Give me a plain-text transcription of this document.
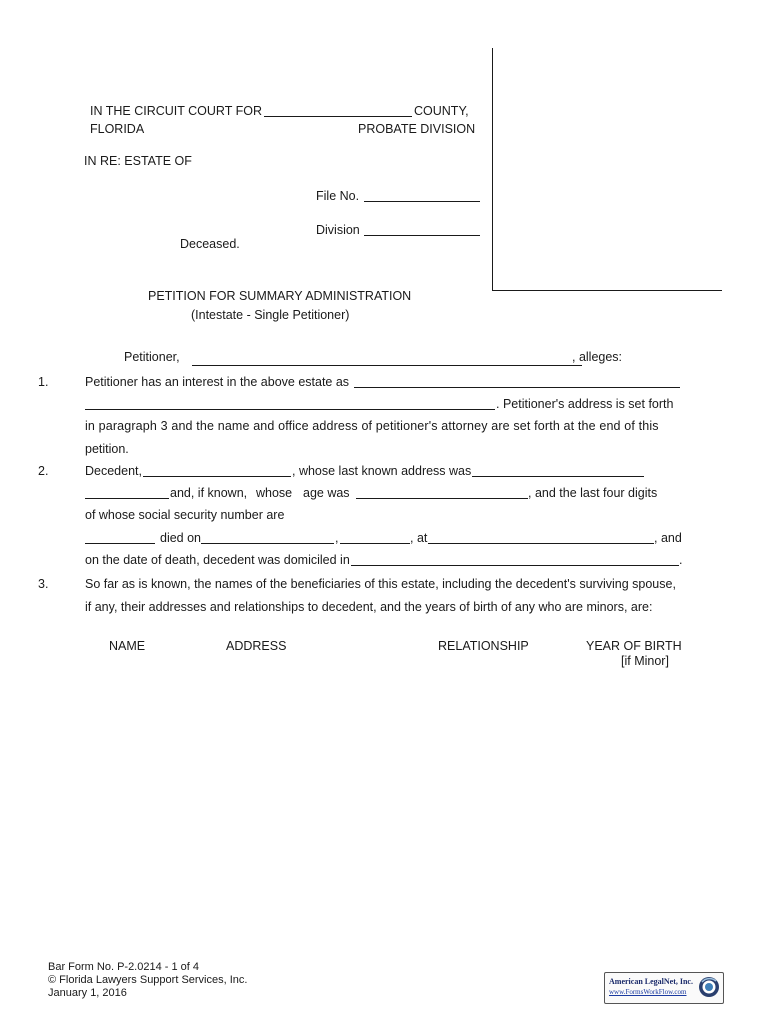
IN THE CIRCUIT COURT FOR	COUNTY,
FLORIDA	PROBATE DIVISION
IN RE: ESTATE OF
File No.
Division
Deceased.
PETITION FOR SUMMARY ADMINISTRATION
(Intestate - Single Petitioner)
Petitioner,	, alleges:
1.	Petitioner has an interest in the above estate as
. Petitioner's address is set forth
in paragraph 3 and the name and office address of petitioner's attorney are set forth at the end of this
petition.
2.	Decedent,	, whose last known address was
and, if known, whose age was	, and the last four digits
of whose social security number are
died on	,	, at	, and
on the date of death, decedent was domiciled in	.
3.	So far as is known, the names of the beneficiaries of this estate, including the decedent's surviving spouse,
if any, their addresses and relationships to decedent, and the years of birth of any who are minors, are:
NAME	ADDRESS	RELATIONSHIP	YEAR OF BIRTH
[if Minor]
Bar Form No. P-2.0214 - 1 of 4
© Florida Lawyers Support Services, Inc.
January 1, 2016
American LegalNet, Inc.
www.FormsWorkFlow.com
